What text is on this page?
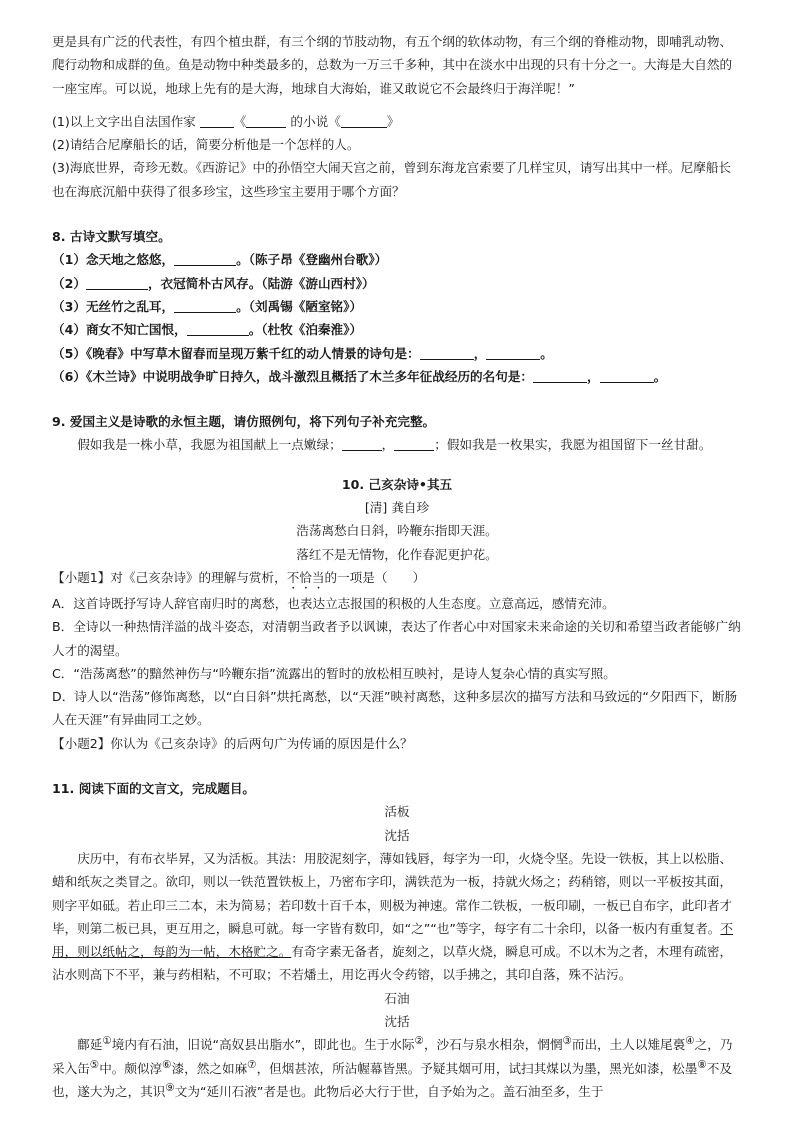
更是具有广泛的代表性，有四个植虫群，有三个纲的节肢动物，有五个纲的软体动物，有三个纲的脊椎动物，即哺乳动物、爬行动物和成群的鱼。鱼是动物中种类最多的，总数为一万三千多种，其中在淡水中出现的只有十分之一。大海是大自然的一座宝库。可以说，地球上先有的是大海，地球自大海始，谁又敢说它不会最终归于海洋呢！”

(1)以上文字出自法国作家	《	的小说《	》

(2)请结合尼摩船长的话，简要分析他是一个怎样的人。

(3)海底世界，奇珍无数。《西游记》中的孙悟空大闹天宫之前，曾到东海龙宫索要了几样宝贝，请写出其中一样。尼摩船长也在海底沉船中获得了很多珍宝，这些珍宝主要用于哪个方面？

8. 古诗文默写填空。

（1）念天地之悠悠，	。（陈子昂《登幽州台歌》）

（2）	，衣冠简朴古风存。（陆游《游山西村》）

（3）无丝竹之乱耳，	。（刘禹锡《陋室铭》）

（4）商女不知亡国恨，	。（杜牧《泊秦淮》）

（5）《晚春》中写草木留春而呈现万紫千红的动人情景的诗句是：	，	。

（6）《木兰诗》中说明战争旷日持久，战斗激烈且概括了木兰多年征战经历的名句是：	，	。

9. 爱国主义是诗歌的永恒主题，请仿照例句，将下列句子补充完整。

假如我是一株小草，我愿为祖国献上一点嫩绿；	，	；假如我是一枚果实，我愿为祖国留下一丝甘甜。

10. 己亥杂诗•其五

[清] 龚自珍

浩荡离愁白日斜，吟鞭东指即天涯。

落红不是无情物，化作春泥更护花。

【小题1】对《己亥杂诗》的理解与赏析，不恰当的一项是（　　）

A．这首诗既抒写诗人辞官南归时的离愁，也表达立志报国的积极的人生态度。立意高远，感情充沛。

B．全诗以一种热情洋溢的战斗姿态，对清朝当政者予以讽谏，表达了作者心中对国家未来命途的关切和希望当政者能够广纳人才的渴望。

C．“浩荡离愁”的黯然神伤与“吟鞭东指”流露出的暂时的放松相互映衬，是诗人复杂心情的真实写照。

D．诗人以“浩荡”修饰离愁，以“白日斜”烘托离愁，以“天涯”映衬离愁，这种多层次的描写方法和马致远的“夕阳西下，断肠人在天涯”有异曲同工之妙。

【小题2】你认为《己亥杂诗》的后两句广为传诵的原因是什么？

11. 阅读下面的文言文，完成题目。

活板

沈括

庆历中，有布衣毕昇，又为活板。其法：用胶泥刻字，薄如钱唇，每字为一印，火烧令坚。先设一铁板，其上以松脂、蜡和纸灰之类冒之。欲印，则以一铁范置铁板上，乃密布字印，满铁范为一板，持就火炀之；药稍镕，则以一平板按其面，则字平如砥。若止印三二本，未为简易；若印数十百千本，则极为神速。常作二铁板，一板印刷，一板已自布字，此印者才毕，则第二板已具，更互用之，瞬息可就。每一字皆有数印，如“之”“也”等字，每字有二十余印，以备一板内有重复者。不用，则以纸帖之，每韵为一帖，木格贮之。有奇字素无备者，旋刻之，以草火烧，瞬息可成。不以木为之者，木理有疏密，沾水则高下不平，兼与药相粘，不可取；不若燔土，用讫再火令药镕，以手拂之，其印自落，殊不沾污。

石油

沈括

鄜延①境内有石油，旧说“高奴县出脂水”，即此也。生于水际②，沙石与泉水相杂，惘惘③而出，土人以雉尾裛④之，乃采入缶⑤中。颇似淳⑥漆，然之如麻⑦，但烟甚浓，所沾幄幕皆黑。予疑其烟可用，试扫其煤以为墨，黑光如漆，松墨⑧不及也，遂大为之，其识⑨文为“延川石液”者是也。此物后必大行于世，自予始为之。盖石油至多，生于
